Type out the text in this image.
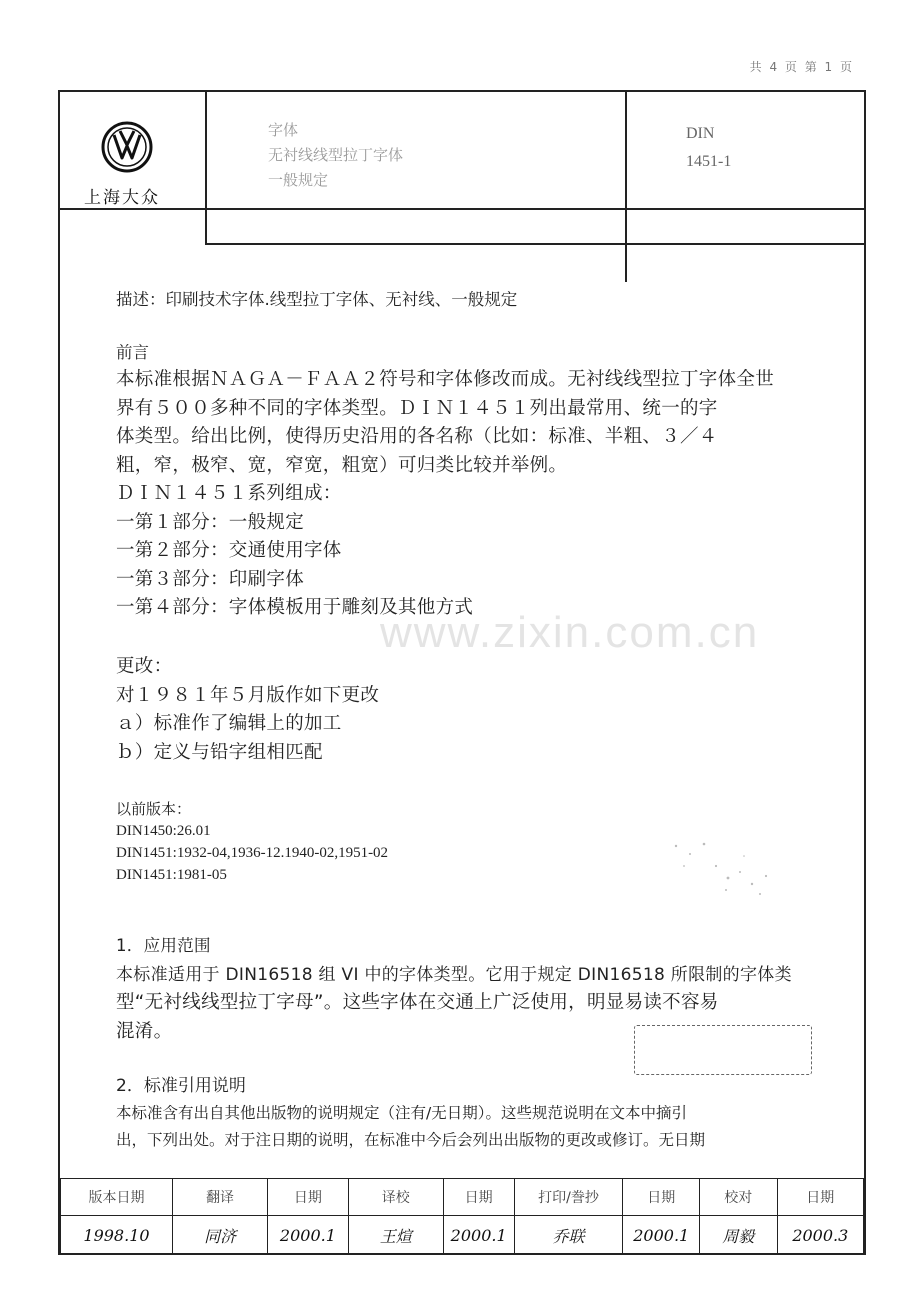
共 4 页 第 1 页
上海大众
字体
无衬线线型拉丁字体
一般规定
DIN
1451-1
描述：印刷技术字体.线型拉丁字体、无衬线、一般规定
前言
本标准根据ＮＡＧＡ－ＦＡＡ２符号和字体修改而成。无衬线线型拉丁字体全世
界有５００多种不同的字体类型。ＤＩＮ１４５１列出最常用、统一的字
体类型。给出比例，使得历史沿用的各名称（比如：标准、半粗、３／４
粗，窄，极窄、宽，窄宽，粗宽）可归类比较并举例。
ＤＩＮ１４５１系列组成：
一第１部分：一般规定
一第２部分：交通使用字体
一第３部分：印刷字体
一第４部分：字体模板用于雕刻及其他方式
www.zixin.com.cn
更改：
对１９８１年５月版作如下更改
ａ）标准作了编辑上的加工
ｂ）定义与铅字组相匹配
以前版本：
DIN1450:26.01
DIN1451:1932-04,1936-12.1940-02,1951-02
DIN1451:1981-05
1．应用范围
本标准适用于 DIN16518 组 VI 中的字体类型。它用于规定 DIN16518 所限制的字体类
型“无衬线线型拉丁字母”。这些字体在交通上广泛使用，明显易读不容易
混淆。
2．标准引用说明
本标准含有出自其他出版物的说明规定（注有/无日期）。这些规范说明在文本中摘引
出，下列出处。对于注日期的说明，在标准中今后会列出出版物的更改或修订。无日期
版本日期	翻译	日期	译校	日期	打印/誊抄	日期	校对	日期
1998.10	同济	2000.1	王煊	2000.1	乔联	2000.1	周毅	2000.3
